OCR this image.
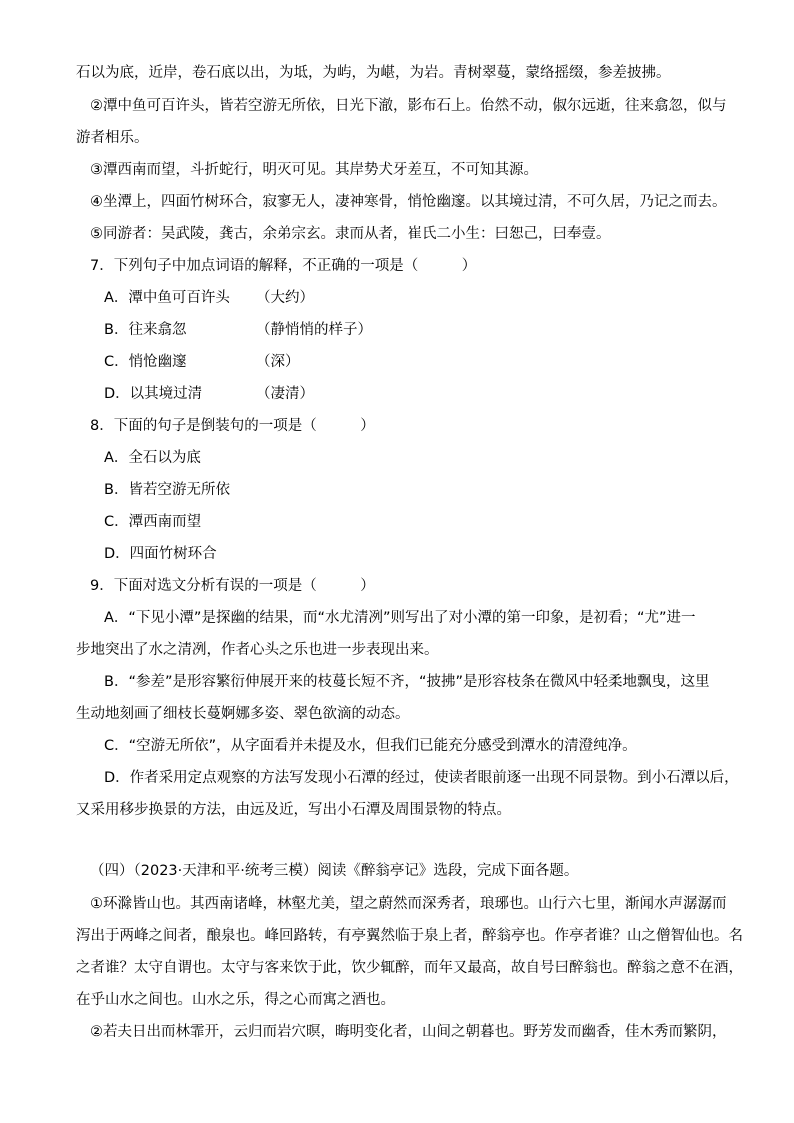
石以为底，近岸，卷石底以出，为坻，为屿，为嵁，为岩。青树翠蔓，蒙络摇缀，参差披拂。
②潭中鱼可百许头，皆若空游无所依，日光下澈，影布石上。佁然不动，俶尔远逝，往来翕忽，似与
游者相乐。
③潭西南而望，斗折蛇行，明灭可见。其岸势犬牙差互，不可知其源。
④坐潭上，四面竹树环合，寂寥无人，凄神寒骨，悄怆幽邃。以其境过清，不可久居，乃记之而去。
⑤同游者：吴武陵，龚古，余弟宗玄。隶而从者，崔氏二小生：曰恕己，曰奉壹。
7．下列句子中加点词语的解释，不正确的一项是（　　　）
A．潭中鱼可百许头 （大约）
B．往来翕忽	（静悄悄的样子）
C．悄怆幽邃	（深）
D．以其境过清	（凄清）
8．下面的句子是倒装句的一项是（　　　）
A．全石以为底
B．皆若空游无所依
C．潭西南而望
D．四面竹树环合
9．下面对选文分析有误的一项是（　　　）
A．“下见小潭”是探幽的结果，而“水尤清冽”则写出了对小潭的第一印象，是初看；“尤”进一
步地突出了水之清冽，作者心头之乐也进一步表现出来。
B．“参差”是形容繁衍伸展开来的枝蔓长短不齐，“披拂”是形容枝条在微风中轻柔地飘曳，这里
生动地刻画了细枝长蔓婀娜多姿、翠色欲滴的动态。
C．“空游无所依”，从字面看并未提及水，但我们已能充分感受到潭水的清澄纯净。
D．作者采用定点观察的方法写发现小石潭的经过，使读者眼前逐一出现不同景物。到小石潭以后，
又采用移步换景的方法，由远及近，写出小石潭及周围景物的特点。
（四）（2023·天津和平·统考三模）阅读《醉翁亭记》选段，完成下面各题。
①环滁皆山也。其西南诸峰，林壑尤美，望之蔚然而深秀者，琅琊也。山行六七里，渐闻水声潺潺而
泻出于两峰之间者，酿泉也。峰回路转，有亭翼然临于泉上者，醉翁亭也。作亭者谁？山之僧智仙也。名
之者谁？太守自谓也。太守与客来饮于此，饮少辄醉，而年又最高，故自号曰醉翁也。醉翁之意不在酒，
在乎山水之间也。山水之乐，得之心而寓之酒也。
②若夫日出而林霏开，云归而岩穴暝，晦明变化者，山间之朝暮也。野芳发而幽香，佳木秀而繁阴，
